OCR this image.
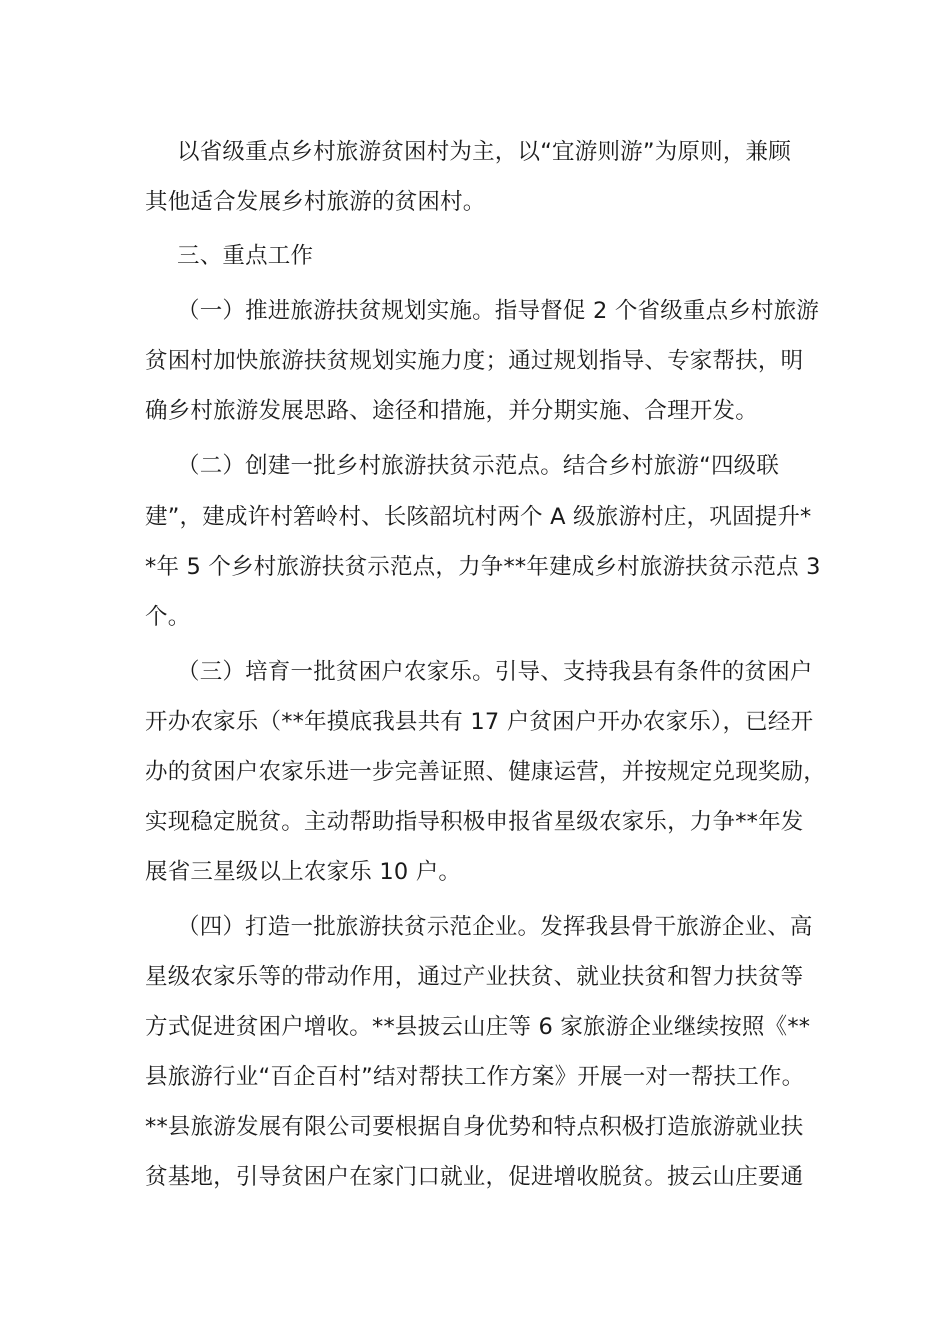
以省级重点乡村旅游贫困村为主，以“宜游则游”为原则，兼顾
其他适合发展乡村旅游的贫困村。
三、重点工作
（一）推进旅游扶贫规划实施。指导督促 2 个省级重点乡村旅游
贫困村加快旅游扶贫规划实施力度；通过规划指导、专家帮扶，明
确乡村旅游发展思路、途径和措施，并分期实施、合理开发。
（二）创建一批乡村旅游扶贫示范点。结合乡村旅游“四级联
建”，建成许村箬岭村、长陔韶坑村两个 A 级旅游村庄，巩固提升*
*年 5 个乡村旅游扶贫示范点，力争**年建成乡村旅游扶贫示范点 3
个。
（三）培育一批贫困户农家乐。引导、支持我县有条件的贫困户
开办农家乐（**年摸底我县共有 17 户贫困户开办农家乐），已经开
办的贫困户农家乐进一步完善证照、健康运营，并按规定兑现奖励，
实现稳定脱贫。主动帮助指导积极申报省星级农家乐，力争**年发
展省三星级以上农家乐 10 户。
（四）打造一批旅游扶贫示范企业。发挥我县骨干旅游企业、高
星级农家乐等的带动作用，通过产业扶贫、就业扶贫和智力扶贫等
方式促进贫困户增收。**县披云山庄等 6 家旅游企业继续按照《**
县旅游行业“百企百村”结对帮扶工作方案》开展一对一帮扶工作。
**县旅游发展有限公司要根据自身优势和特点积极打造旅游就业扶
贫基地，引导贫困户在家门口就业，促进增收脱贫。披云山庄要通
